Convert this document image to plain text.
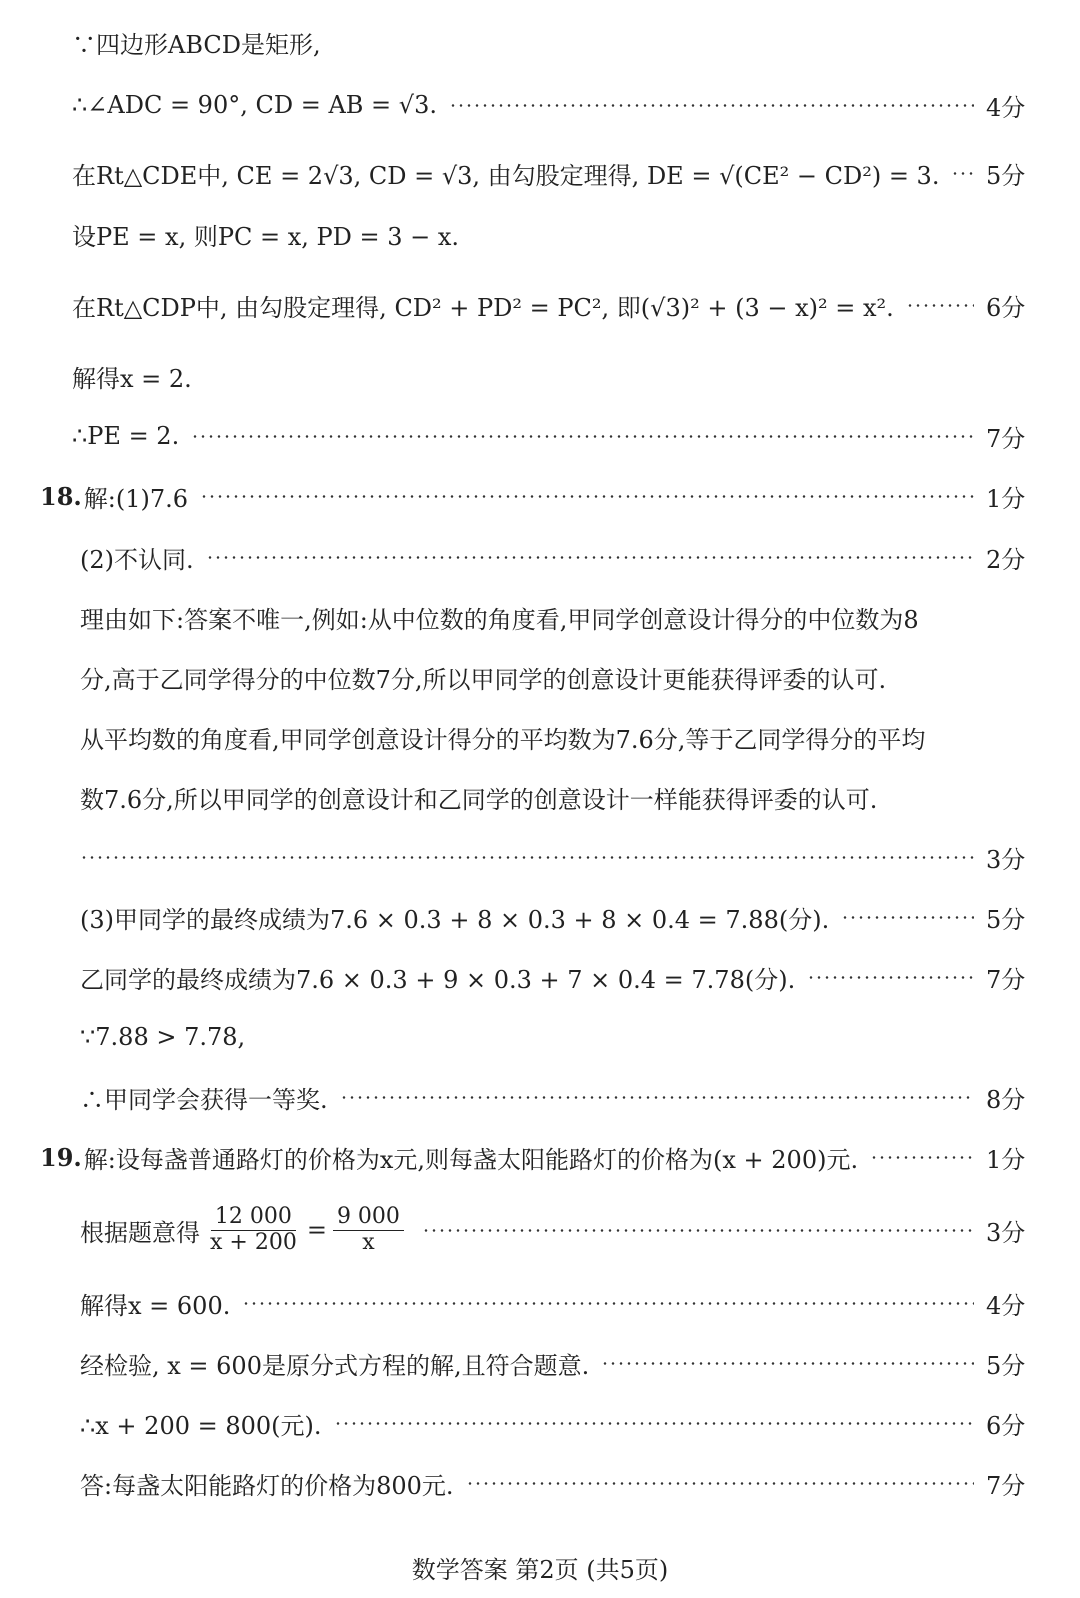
∵四边形ABCD是矩形,
∴∠ADC = 90°, CD = AB = √3.	4分
在Rt△CDE中, CE = 2√3, CD = √3, 由勾股定理得, DE = √(CE² − CD²) = 3. 5分
设PE = x, 则PC = x, PD = 3 − x.
在Rt△CDP中, 由勾股定理得, CD² + PD² = PC², 即(√3)² + (3 − x)² = x².	6分
解得x = 2.
∴PE = 2.	7分
18. 解:(1)7.6	1分
(2)不认同.	2分
理由如下:答案不唯一,例如:从中位数的角度看,甲同学创意设计得分的中位数为8
分,高于乙同学得分的中位数7分,所以甲同学的创意设计更能获得评委的认可.
从平均数的角度看,甲同学创意设计得分的平均数为7.6分,等于乙同学得分的平均
数7.6分,所以甲同学的创意设计和乙同学的创意设计一样能获得评委的认可.
3分
(3)甲同学的最终成绩为7.6 × 0.3 + 8 × 0.3 + 8 × 0.4 = 7.88(分).	5分
乙同学的最终成绩为7.6 × 0.3 + 9 × 0.3 + 7 × 0.4 = 7.78(分).	7分
∵7.88 > 7.78,
∴甲同学会获得一等奖.	8分
19. 解:设每盏普通路灯的价格为x元,则每盏太阳能路灯的价格为(x + 200)元.	1分
根据题意得 $\frac{12 000}{x + 200} = \frac{9 000}{x}$	3分
解得x = 600.	4分
经检验, x = 600是原分式方程的解,且符合题意.	5分
∴x + 200 = 800(元).	6分
答:每盏太阳能路灯的价格为800元.	7分
数学答案 第2页 (共5页)
